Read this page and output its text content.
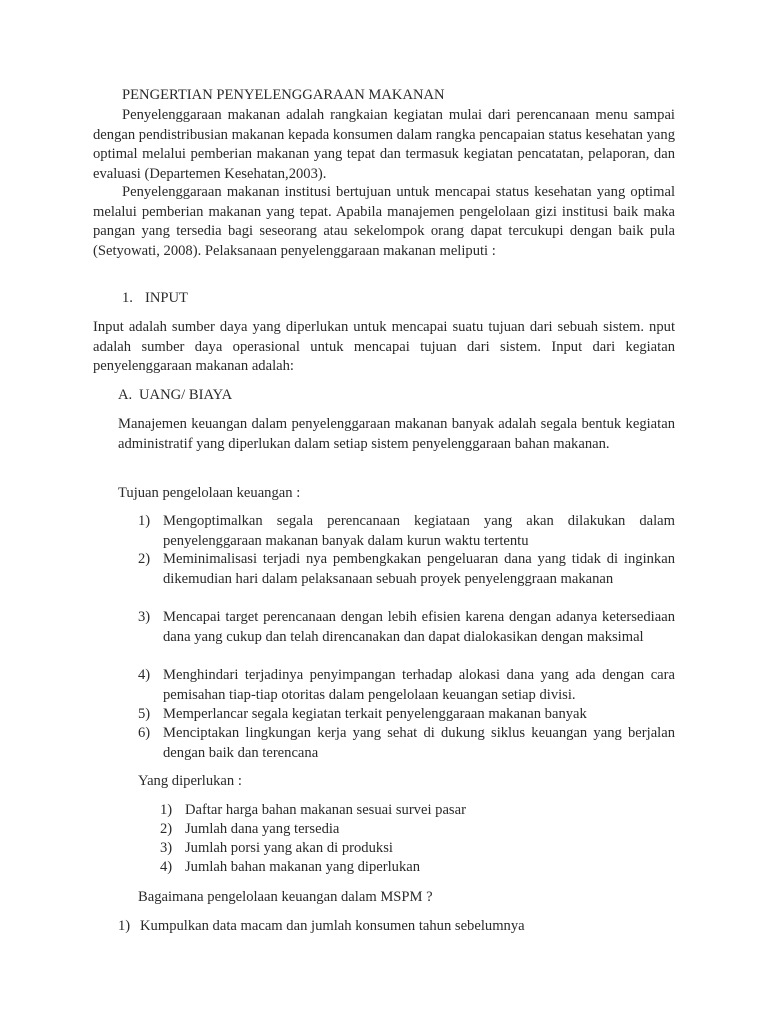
PENGERTIAN PENYELENGGARAAN MAKANAN

Penyelenggaraan makanan adalah rangkaian kegiatan mulai dari perencanaan menu sampai dengan pendistribusian makanan kepada konsumen dalam rangka pencapaian status kesehatan yang optimal melalui pemberian makanan yang tepat dan termasuk kegiatan pencatatan, pelaporan, dan evaluasi (Departemen Kesehatan,2003).

Penyelenggaraan makanan institusi bertujuan untuk mencapai status kesehatan yang optimal melalui pemberian makanan yang tepat. Apabila manajemen pengelolaan gizi institusi baik maka pangan yang tersedia bagi seseorang atau sekelompok orang dapat tercukupi dengan baik pula (Setyowati, 2008). Pelaksanaan penyelenggaraan makanan meliputi :

1. INPUT

Input adalah sumber daya yang diperlukan untuk mencapai suatu tujuan dari sebuah sistem. nput adalah sumber daya operasional untuk mencapai tujuan dari sistem. Input dari kegiatan penyelenggaraan makanan adalah:

A. UANG/ BIAYA

Manajemen keuangan dalam penyelenggaraan makanan banyak adalah segala bentuk kegiatan administratif yang diperlukan dalam setiap sistem penyelenggaraan bahan makanan.

Tujuan pengelolaan keuangan :

1) Mengoptimalkan segala perencanaan kegiataan yang akan dilakukan dalam penyelenggaraan makanan banyak dalam kurun waktu tertentu

2) Meminimalisasi terjadi nya pembengkakan pengeluaran dana yang tidak di inginkan dikemudian hari dalam pelaksanaan sebuah proyek penyelenggraan makanan

3) Mencapai target perencanaan dengan lebih efisien karena dengan adanya ketersediaan dana yang cukup dan telah direncanakan dan dapat dialokasikan dengan maksimal

4) Menghindari terjadinya penyimpangan terhadap alokasi dana yang ada dengan cara pemisahan tiap-tiap otoritas dalam pengelolaan keuangan setiap divisi.

5) Memperlancar segala kegiatan terkait penyelenggaraan makanan banyak

6) Menciptakan lingkungan kerja yang sehat di dukung siklus keuangan yang berjalan dengan baik dan terencana

Yang diperlukan :

1) Daftar harga bahan makanan sesuai survei pasar

2) Jumlah dana yang tersedia

3) Jumlah porsi yang akan di produksi

4) Jumlah bahan makanan yang diperlukan

Bagaimana pengelolaan keuangan dalam MSPM ?

1) Kumpulkan data macam dan jumlah konsumen tahun sebelumnya
